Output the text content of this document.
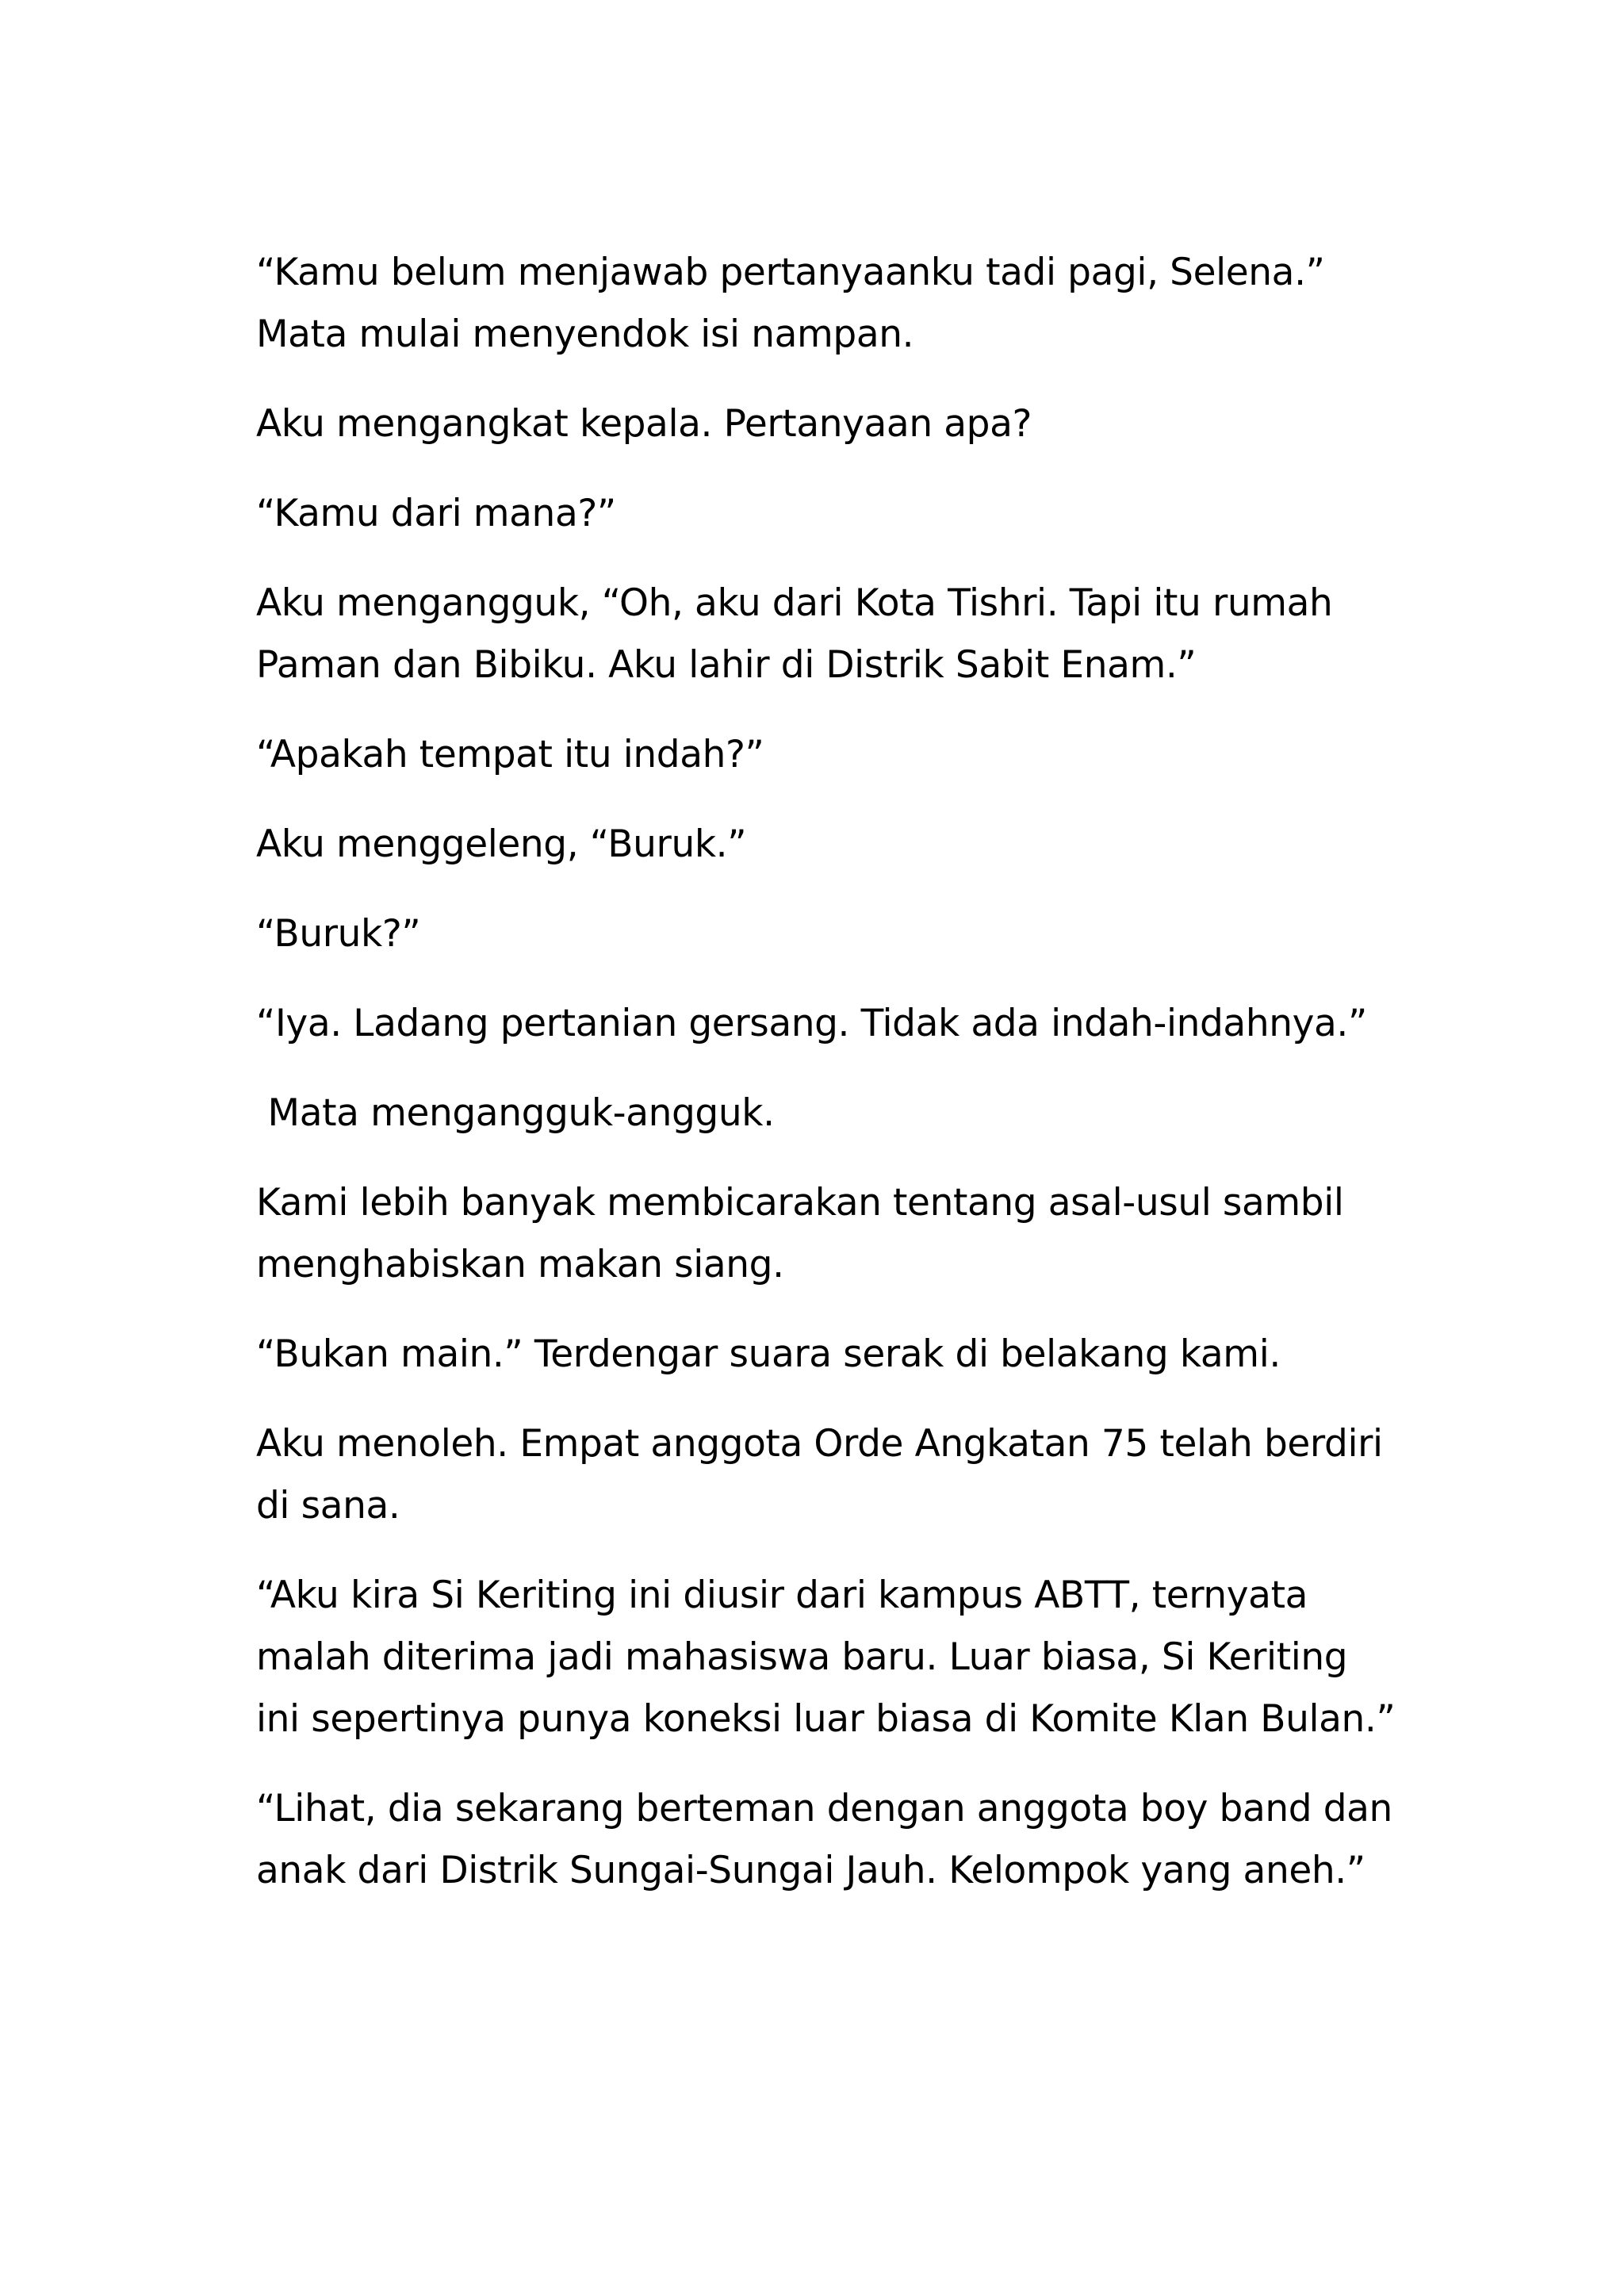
“Kamu belum menjawab pertanyaanku tadi pagi, Selena.” Mata mulai menyendok isi nampan.

Aku mengangkat kepala. Pertanyaan apa?

“Kamu dari mana?”

Aku mengangguk, “Oh, aku dari Kota Tishri. Tapi itu rumah Paman dan Bibiku. Aku lahir di Distrik Sabit Enam.”

“Apakah tempat itu indah?”

Aku menggeleng, “Buruk.”

“Buruk?”

“Iya. Ladang pertanian gersang. Tidak ada indah-indahnya.”

Mata mengangguk-angguk.

Kami lebih banyak membicarakan tentang asal-usul sambil menghabiskan makan siang.

“Bukan main.” Terdengar suara serak di belakang kami.

Aku menoleh. Empat anggota Orde Angkatan 75 telah berdiri di sana.

“Aku kira Si Keriting ini diusir dari kampus ABTT, ternyata malah diterima jadi mahasiswa baru. Luar biasa, Si Keriting ini sepertinya punya koneksi luar biasa di Komite Klan Bulan.”

“Lihat, dia sekarang berteman dengan anggota boy band dan anak dari Distrik Sungai-Sungai Jauh. Kelompok yang aneh.”
